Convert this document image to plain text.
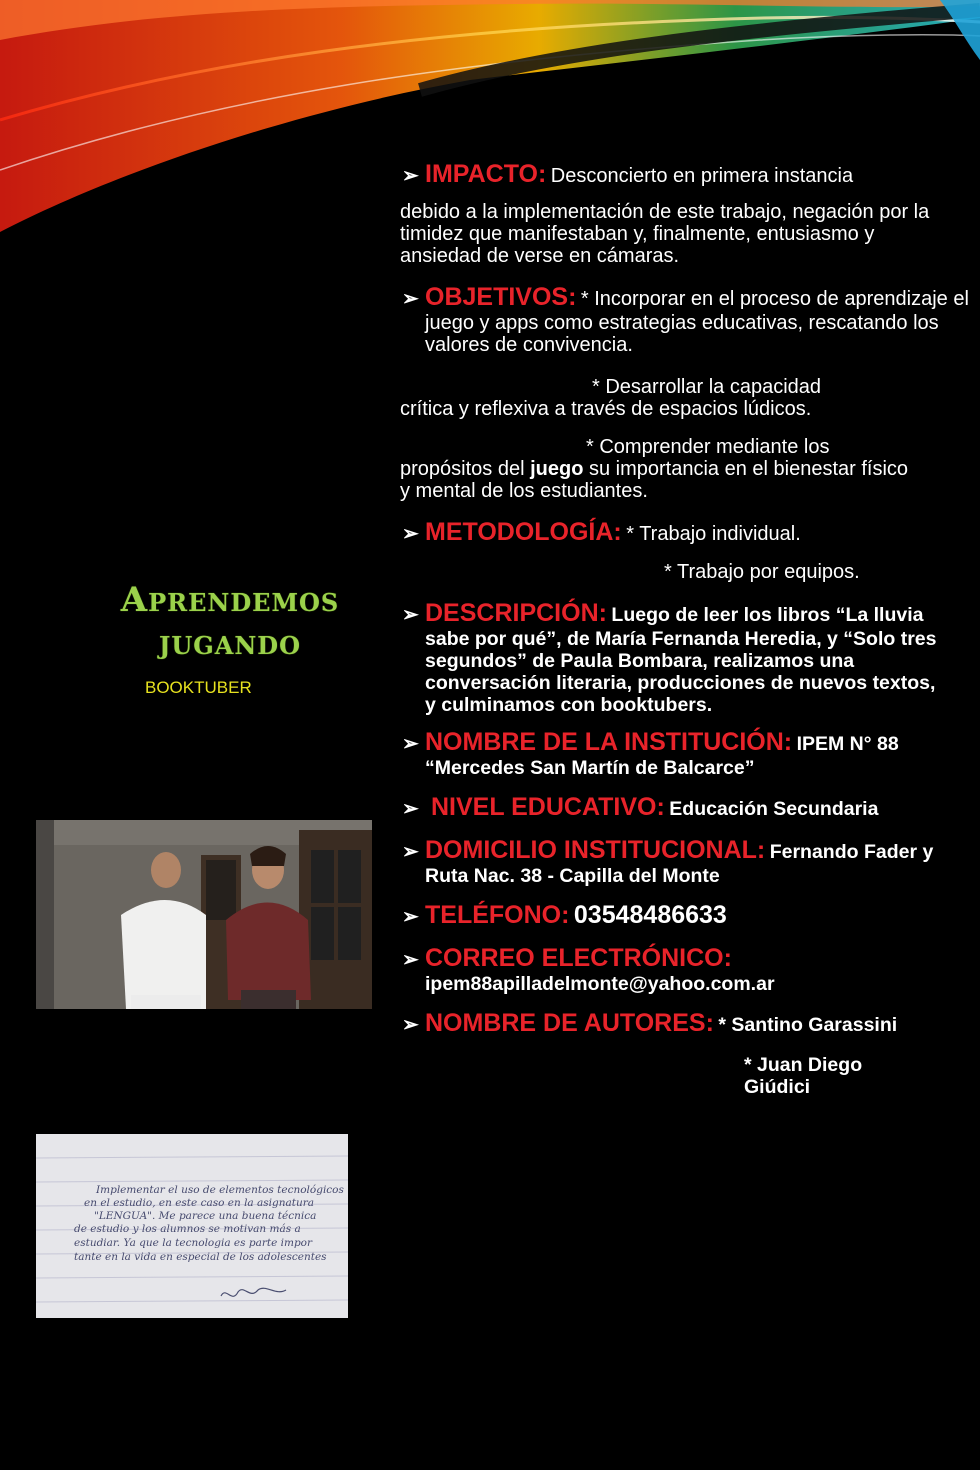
Aprendemos
jugando
BOOKTUBER
Implementar el uso de elementos tecnológicos
en el estudio, en este caso en la asignatura
"LENGUA". Me parece una buena técnica
de estudio y los alumnos se motivan más a
estudiar. Ya que la tecnologia es parte impor
tante en la vida en especial de los adolescentes
➢ IMPACTO: Desconcierto en primera instancia

debido a la implementación de este trabajo, negación por la timidez que manifestaban y, finalmente, entusiasmo y ansiedad de verse en cámaras.

➢ OBJETIVOS: * Incorporar en el proceso de aprendizaje el juego y apps como estrategias educativas, rescatando los valores de convivencia.

* Desarrollar la capacidad

crítica y reflexiva a través de espacios lúdicos.

* Comprender mediante los

propósitos del juego su importancia en el bienestar físico y mental de los estudiantes.

➢ METODOLOGÍA: * Trabajo individual.

* Trabajo por equipos.

➢ DESCRIPCIÓN: Luego de leer los libros “La lluvia sabe por qué”, de María Fernanda Heredia, y “Solo tres segundos” de Paula Bombara, realizamos una conversación literaria, producciones de nuevos textos, y culminamos con booktubers.
➢ NOMBRE DE LA INSTITUCIÓN: IPEM N° 88 “Mercedes San Martín de Balcarce”
➢ NIVEL EDUCATIVO: Educación Secundaria
➢ DOMICILIO INSTITUCIONAL: Fernando Fader y Ruta Nac. 38 - Capilla del Monte
➢ TELÉFONO: 03548486633
➢ CORREO ELECTRÓNICO:
ipem88apilladelmonte@yahoo.com.ar
➢ NOMBRE DE AUTORES: * Santino Garassini

* Juan Diego Giúdici
